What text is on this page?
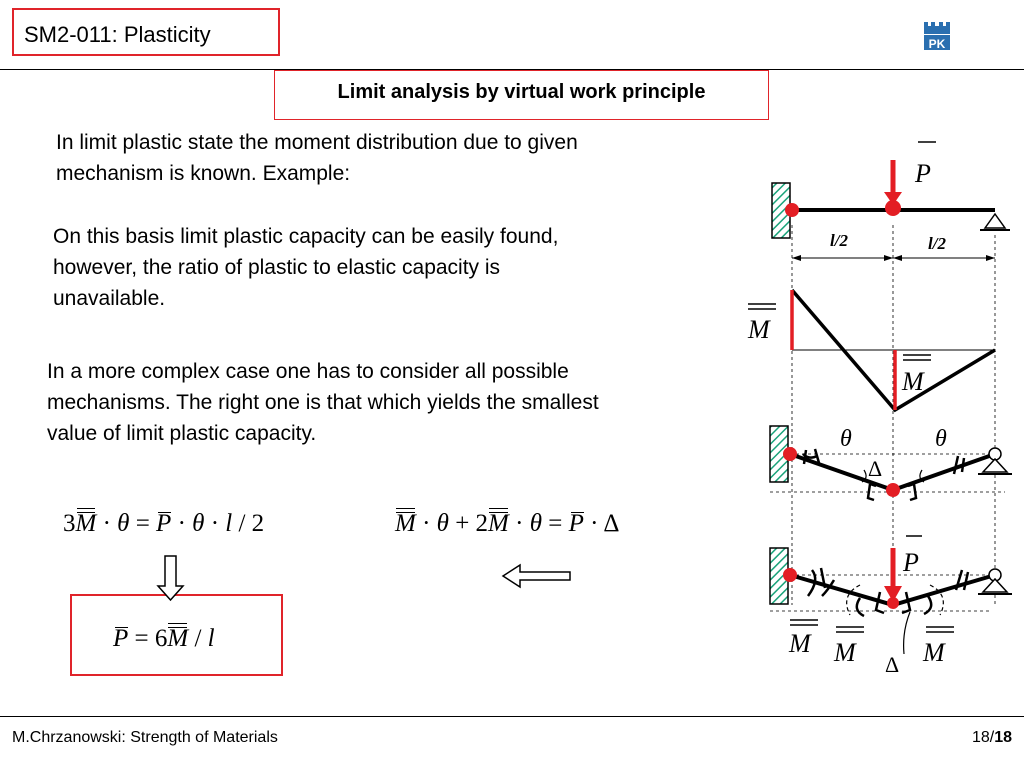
SM2-011: Plasticity	PK
Limit analysis by virtual work principle
In limit plastic state the moment distribution due to given mechanism is known. Example:
On this basis limit plastic capacity can be easily found, however, the ratio of plastic to elastic capacity is unavailable.
In a more complex case one has to consider all possible mechanisms. The right one is that which yields the smallest value of limit plastic capacity.
3M · θ = P · θ · l / 2	M · θ + 2M · θ = P · Δ
P = 6M / l
P
l/2	l/2
M
M
θ	θ
Δ
P
M M	M
Δ
M.Chrzanowski: Strength of Materials	18/18
